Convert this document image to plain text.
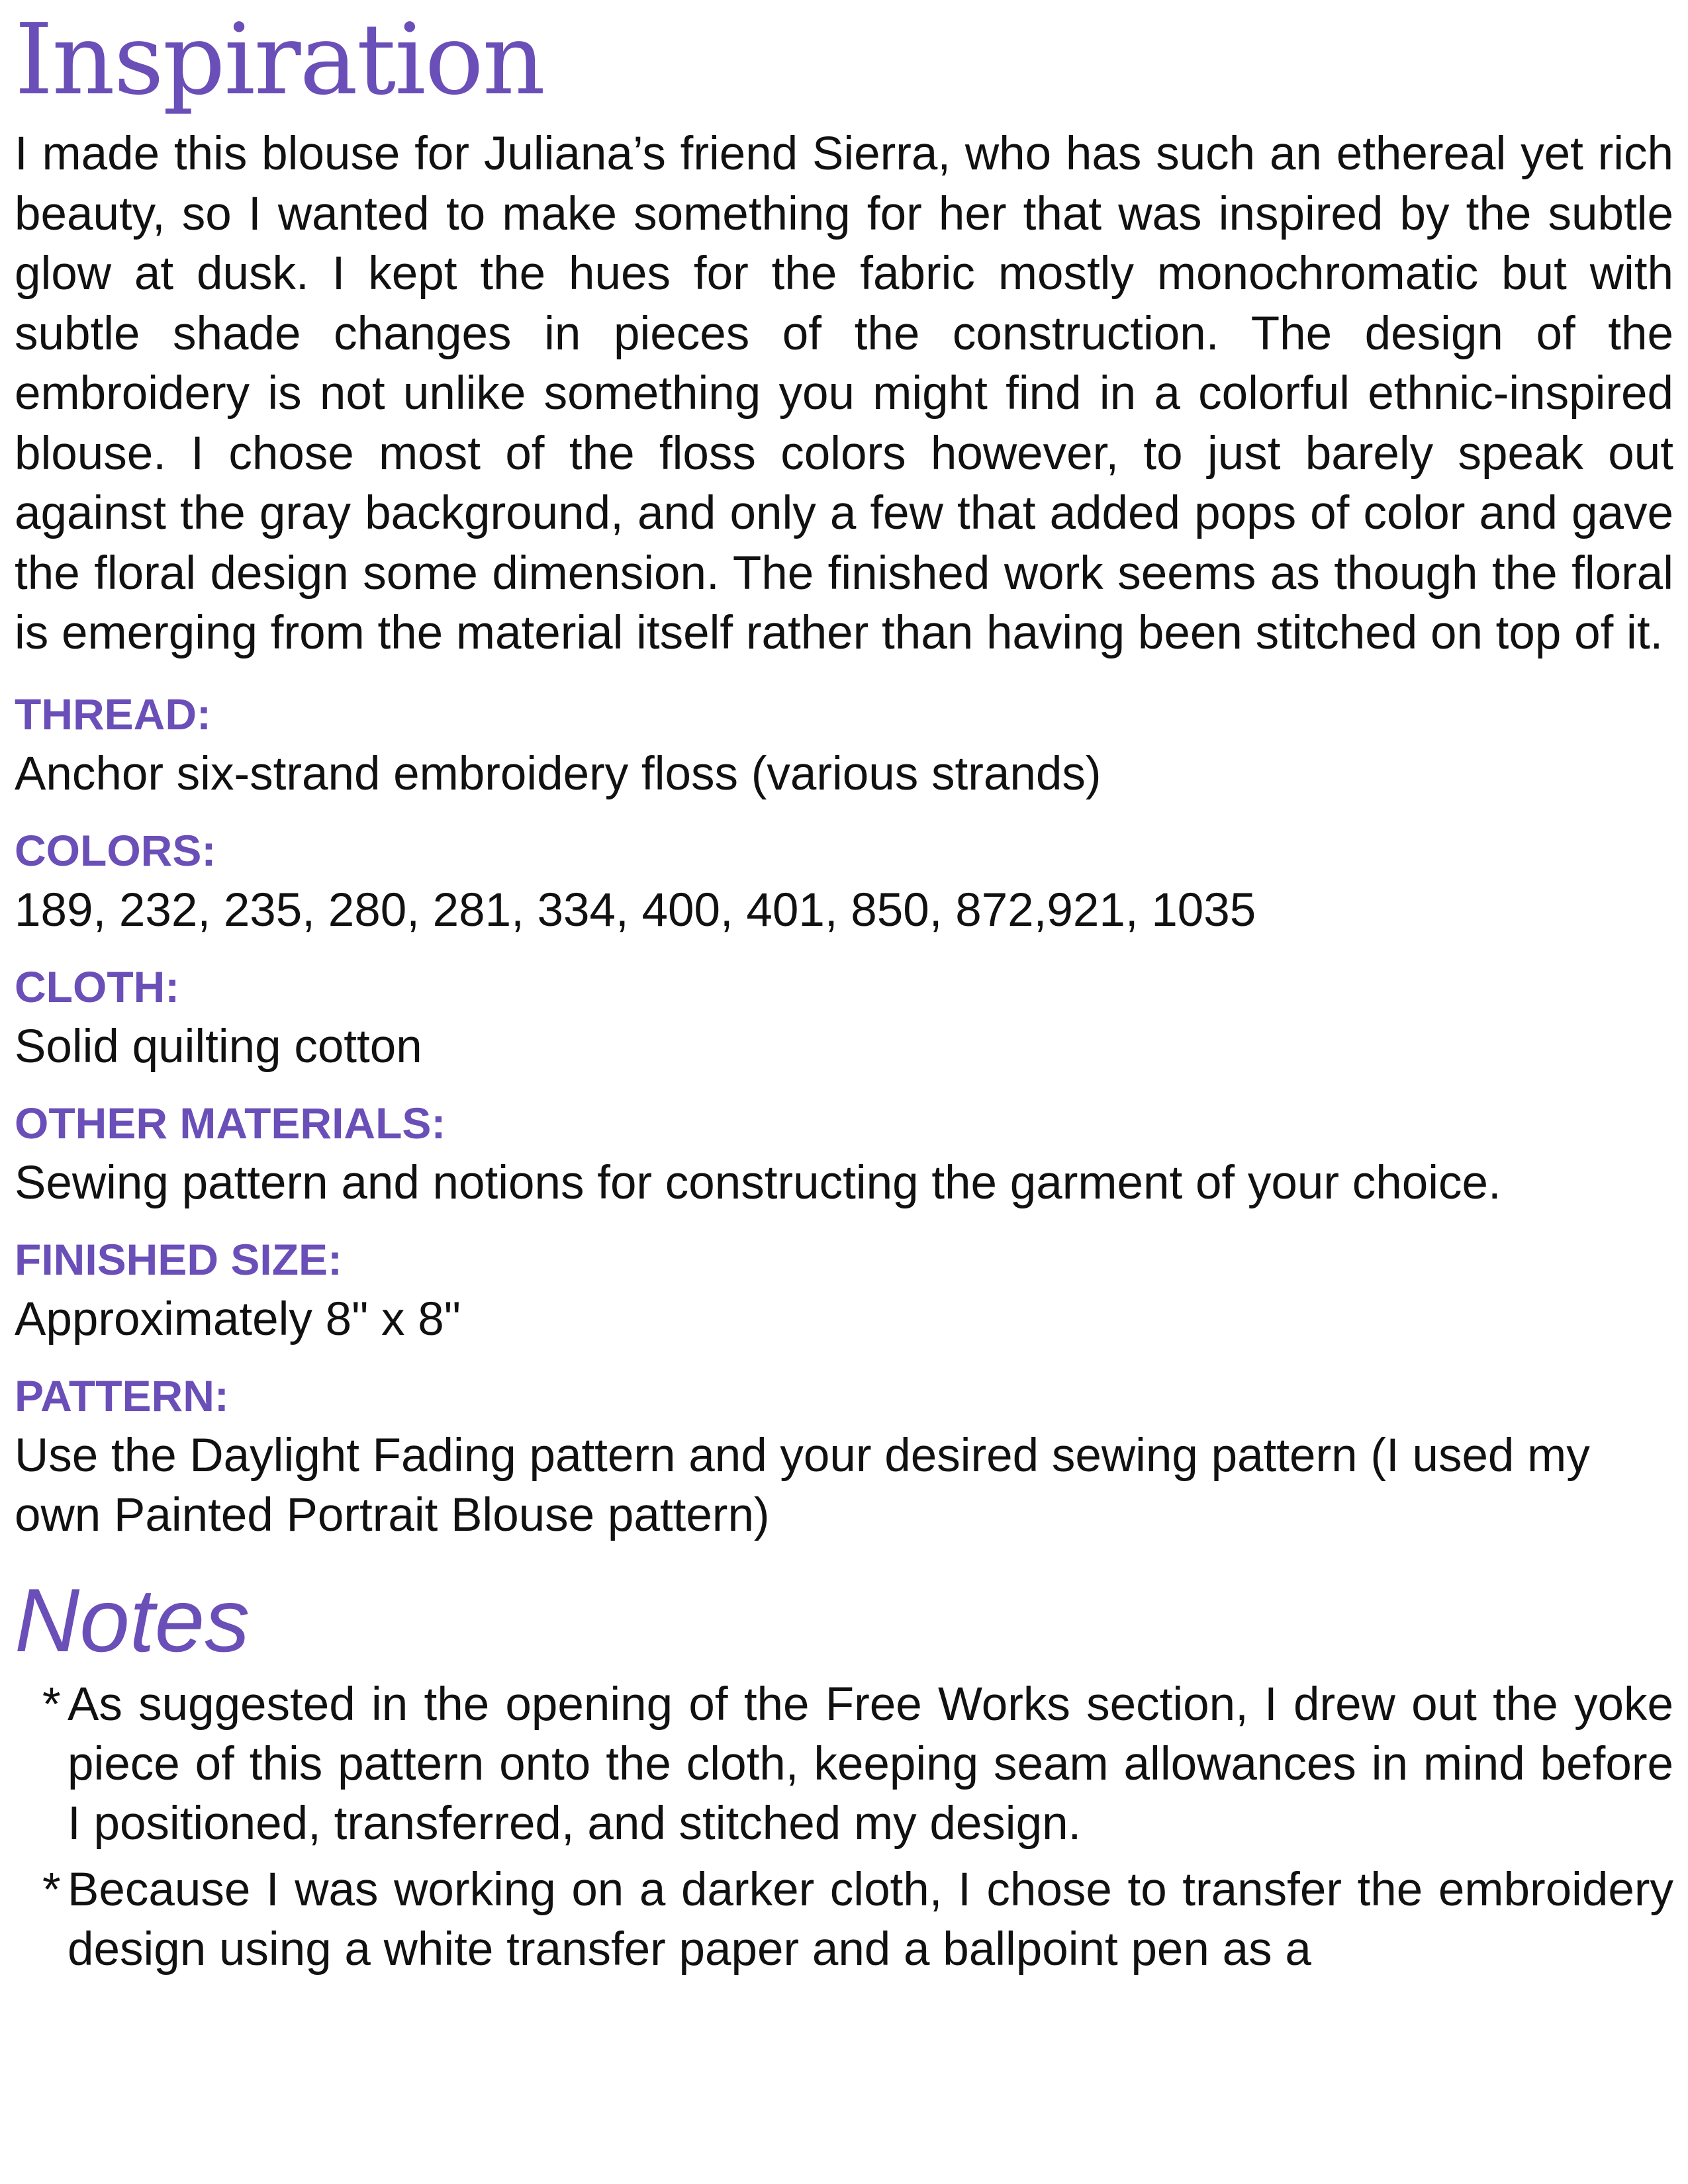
Inspiration

I made this blouse for Juliana’s friend Sierra, who has such an ethereal yet rich beauty, so I wanted to make something for her that was inspired by the subtle glow at dusk. I kept the hues for the fabric mostly monochromatic but with subtle shade changes in pieces of the construction. The design of the embroidery is not unlike something you might find in a colorful ethnic-inspired blouse. I chose most of the floss colors however, to just barely speak out against the gray background, and only a few that added pops of color and gave the floral design some dimension. The finished work seems as though the floral is emerging from the material itself rather than having been stitched on top of it.

THREAD:
Anchor six-strand embroidery floss (various strands)
COLORS:
189, 232, 235, 280, 281, 334, 400, 401, 850, 872,921, 1035
CLOTH:
Solid quilting cotton
OTHER MATERIALS:
Sewing pattern and notions for constructing the garment of your choice.
FINISHED SIZE:
Approximately 8" x 8"
PATTERN:
Use the Daylight Fading pattern and your desired sewing pattern (I used my own Painted Portrait Blouse pattern)
Notes
* As suggested in the opening of the Free Works section, I drew out the yoke piece of this pattern onto the cloth, keeping seam allowances in mind before I positioned, transferred, and stitched my design.
* Because I was working on a darker cloth, I chose to transfer the embroidery design using a white transfer paper and a ballpoint pen as a
